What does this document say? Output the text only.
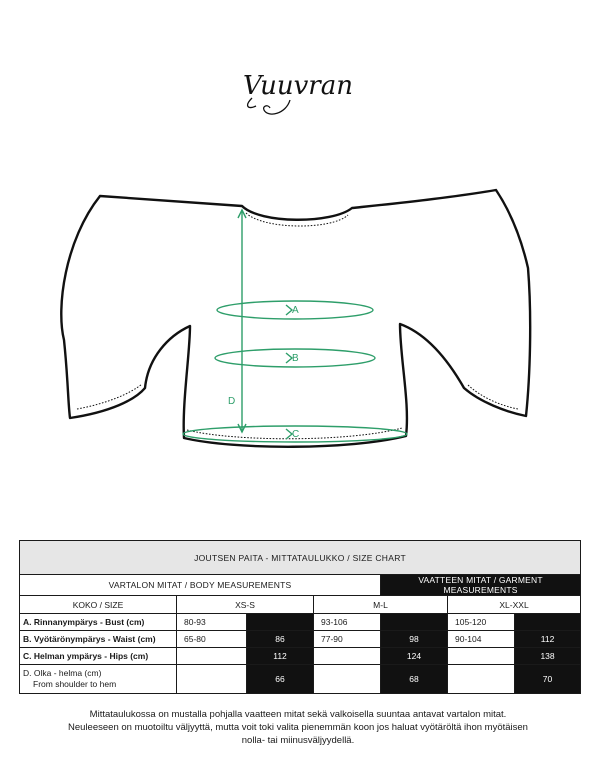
Vuuvran
A
B
C
D
JOUTSEN PAITA - MITTATAULUKKO / SIZE CHART						
VARTALON MITAT / BODY MEASUREMENTS				VAATTEEN MITAT / GARMENT MEASUREMENTS		
KOKO / SIZE	XS-S		M-L		XL-XXL	
A. Rinnanympärys - Bust (cm)	80-93		93-106		105-120	
B. Vyötärönympärys - Waist (cm)	65-80	86	77-90	98	90-104	112
C. Helman ympärys - Hips (cm)		112		124		138

D. Olka - helma (cm)
From shoulder to hem		66		68		70
Mittataulukossa on mustalla pohjalla vaatteen mitat sekä valkoisella suuntaa antavat vartalon mitat.
Neuleeseen on muotoiltu väljyyttä, mutta voit toki valita pienemmän koon jos haluat vyötäröltä ihon myötäisen
nolla- tai miinusväljyydellä.
